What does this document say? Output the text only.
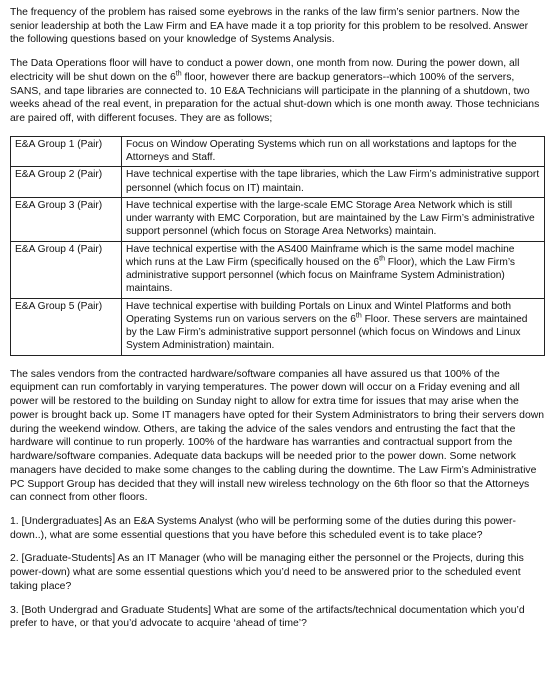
The frequency of the problem has raised some eyebrows in the ranks of the law firm’s senior partners. Now the senior leadership at both the Law Firm and EA have made it a top priority for this problem to be resolved. Answer the following questions based on your knowledge of Systems Analysis.

The Data Operations floor will have to conduct a power down, one month from now. During the power down, all electricity will be shut down on the 6th floor, however there are backup generators--which 100% of the servers, SANS, and tape libraries are connected to. 10 E&A Technicians will participate in the planning of a shutdown, two weeks ahead of the real event, in preparation for the actual shut-down which is one month away. Those technicians are paired off, with different focuses. They are as follows;

E&A Group 1 (Pair)	Focus on Window Operating Systems which run on all workstations and laptops for the Attorneys and Staff.
E&A Group 2 (Pair)	Have technical expertise with the tape libraries, which the Law Firm’s administrative support personnel (which focus on IT) maintain.
E&A Group 3 (Pair)	Have technical expertise with the large-scale EMC Storage Area Network which is still under warranty with EMC Corporation, but are maintained by the Law Firm’s administrative support personnel (which focus on Storage Area Networks) maintain.
E&A Group 4 (Pair)	Have technical expertise with the AS400 Mainframe which is the same model machine which runs at the Law Firm (specifically housed on the 6th Floor), which the Law Firm’s administrative support personnel (which focus on Mainframe System Administration) maintains.
E&A Group 5 (Pair)	Have technical expertise with building Portals on Linux and Wintel Platforms and both Operating Systems run on various servers on the 6th Floor. These servers are maintained by the Law Firm’s administrative support personnel (which focus on Windows and Linux System Administration) maintain.

The sales vendors from the contracted hardware/software companies all have assured us that 100% of the equipment can run comfortably in varying temperatures. The power down will occur on a Friday evening and all power will be restored to the building on Sunday night to allow for extra time for issues that may arise when the power is brought back up. Some IT managers have opted for their System Administrators to bring their servers down during the weekend window. Others, are taking the advice of the sales vendors and entrusting the fact that the hardware will continue to run properly. 100% of the hardware has warranties and contractual support from the hardware/software companies. Adequate data backups will be needed prior to the power down. Some network managers have decided to make some changes to the cabling during the downtime. The Law Firm’s Administrative PC Support Group has decided that they will install new wireless technology on the 6th floor so that the Attorneys can connect from other floors.

1. [Undergraduates] As an E&A Systems Analyst (who will be performing some of the duties during this power-down..), what are some essential questions that you have before this scheduled event is to take place?

2. [Graduate-Students] As an IT Manager (who will be managing either the personnel or the Projects, during this power-down) what are some essential questions which you’d need to be answered prior to the scheduled event taking place?

3. [Both Undergrad and Graduate Students] What are some of the artifacts/technical documentation which you’d prefer to have, or that you’d advocate to acquire ‘ahead of time’?
